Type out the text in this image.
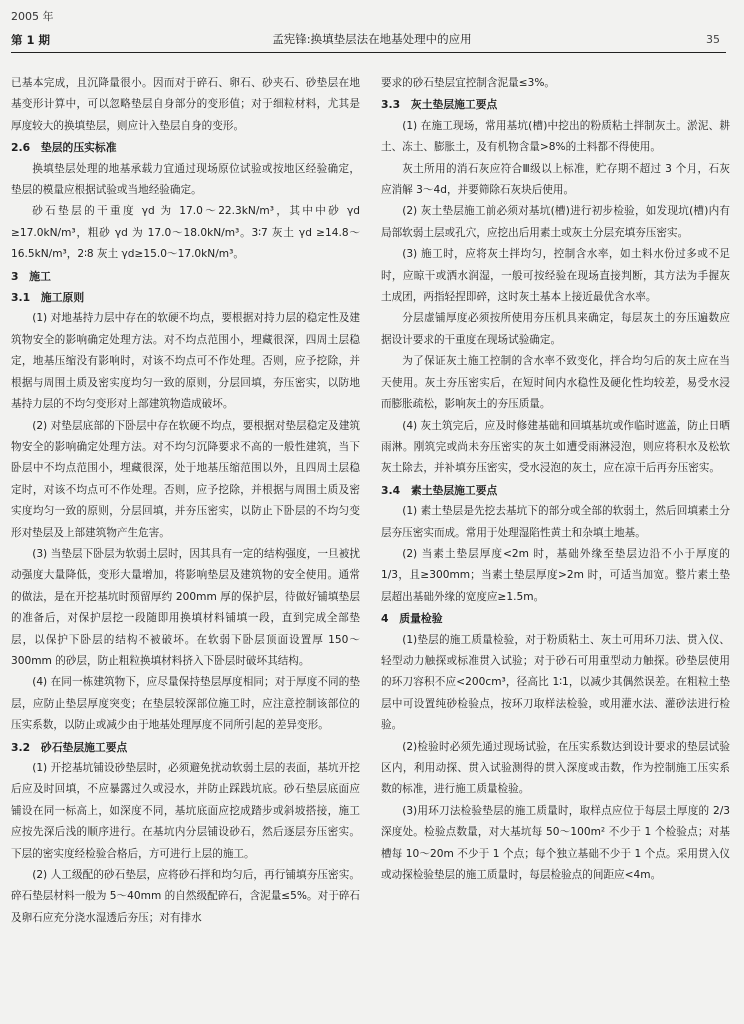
2005 年
第 1 期	孟宪锋:换填垫层法在地基处理中的应用	35

已基本完成，且沉降量很小。因而对于碎石、卵石、砂夹石、砂垫层在地基变形计算中，可以忽略垫层自身部分的变形值；对于细粒材料，尤其是厚度较大的换填垫层，则应计入垫层自身的变形。

2.6　垫层的压实标准

换填垫层处理的地基承载力宜通过现场原位试验或按地区经验确定，垫层的模量应根据试验或当地经验确定。

砂石垫层的干重度 γd 为 17.0～22.3kN/m³，其中中砂 γd ≥17.0kN/m³，粗砂 γd 为 17.0～18.0kN/m³。3∶7 灰土 γd ≥14.8～16.5kN/m³，2∶8 灰土 γd≥15.0～17.0kN/m³。

3　施工
3.1　施工原则

(1) 对地基持力层中存在的软硬不均点，要根据对持力层的稳定性及建筑物安全的影响确定处理方法。对不均点范围小，埋藏很深，四周土层稳定，地基压缩没有影响时，对该不均点可不作处理。否则，应予挖除，并根据与周围土质及密实度均匀一致的原则，分层回填，夯压密实，以防地基持力层的不均匀变形对上部建筑物造成破坏。

(2) 对垫层底部的下卧层中存在软硬不均点，要根据对垫层稳定及建筑物安全的影响确定处理方法。对不均匀沉降要求不高的一般性建筑，当下卧层中不均点范围小，埋藏很深，处于地基压缩范围以外，且四周土层稳定时，对该不均点可不作处理。否则，应予挖除，并根据与周围土质及密实度均匀一致的原则，分层回填，并夯压密实，以防止下卧层的不均匀变形对垫层及上部建筑物产生危害。

(3) 当垫层下卧层为软弱土层时，因其具有一定的结构强度，一旦被扰动强度大量降低，变形大量增加，将影响垫层及建筑物的安全使用。通常的做法，是在开挖基坑时预留厚约 200mm 厚的保护层，待做好铺填垫层的准备后，对保护层挖一段随即用换填材料铺填一段，直到完成全部垫层，以保护下卧层的结构不被破坏。在软弱下卧层顶面设置厚 150～300mm 的砂层，防止粗粒换填材料挤入下卧层时破坏其结构。

(4) 在同一栋建筑物下，应尽量保持垫层厚度相同；对于厚度不同的垫层，应防止垫层厚度突变；在垫层较深部位施工时，应注意控制该部位的压实系数，以防止或减少由于地基处理厚度不同所引起的差异变形。

3.2　砂石垫层施工要点

(1) 开挖基坑铺设砂垫层时，必须避免扰动软弱土层的表面，基坑开挖后应及时回填，不应暴露过久或浸水，并防止踩践坑底。砂石垫层底面应铺设在同一标高上，如深度不同，基坑底面应挖成踏步或斜坡搭接，施工应按先深后浅的顺序进行。在基坑内分层铺设砂石，然后逐层夯压密实。下层的密实度经检验合格后，方可进行上层的施工。

(2) 人工级配的砂石垫层，应将砂石拌和均匀后，再行铺填夯压密实。碎石垫层材料一般为 5～40mm 的自然级配碎石，含泥量≤5%。对于碎石及卵石应充分浇水湿透后夯压；对有排水

要求的砂石垫层宜控制含泥量≤3%。

3.3　灰土垫层施工要点

(1) 在施工现场，常用基坑(槽)中挖出的粉质粘土拌制灰土。淤泥、耕土、冻土、膨胀土，及有机物含量>8%的土料都不得使用。

灰土所用的消石灰应符合Ⅲ级以上标准，贮存期不超过 3 个月，石灰应消解 3～4d，并要筛除石灰块后使用。

(2) 灰土垫层施工前必须对基坑(槽)进行初步检验，如发现坑(槽)内有局部软弱土层或孔穴，应挖出后用素土或灰土分层充填夯压密实。

(3) 施工时，应将灰土拌均匀，控制含水率，如土料水份过多或不足时，应晾干或洒水润湿，一般可按经验在现场直接判断，其方法为手握灰土成团，两指轻捏即碎，这时灰土基本上接近最优含水率。

分层虚铺厚度必须按所使用夯压机具来确定，每层灰土的夯压遍数应据设计要求的干重度在现场试验确定。

为了保证灰土施工控制的含水率不致变化，拌合均匀后的灰土应在当天使用。灰土夯压密实后，在短时间内水稳性及硬化性均较差，易受水浸而膨胀疏松，影响灰土的夯压质量。

(4) 灰土筑完后，应及时修建基础和回填基坑或作临时遮盖，防止日晒雨淋。刚筑完或尚未夯压密实的灰土如遭受雨淋浸泡，则应将积水及松软灰土除去，并补填夯压密实，受水浸泡的灰土，应在凉干后再夯压密实。

3.4　素土垫层施工要点

(1) 素土垫层是先挖去基坑下的部分或全部的软弱土，然后回填素土分层夯压密实而成。常用于处理湿陷性黄土和杂填土地基。

(2) 当素土垫层厚度<2m 时，基础外缘至垫层边沿不小于厚度的 1/3，且≥300mm；当素土垫层厚度>2m 时，可适当加宽。整片素土垫层超出基础外缘的宽度应≥1.5m。

4　质量检验

(1)垫层的施工质量检验，对于粉质粘土、灰土可用环刀法、贯入仪、轻型动力触探或标准贯入试验；对于砂石可用重型动力触探。砂垫层使用的环刀容积不应<200cm³，径高比 1∶1，以减少其偶然误差。在粗粒土垫层中可设置纯砂检验点，按环刀取样法检验，或用灌水法、灌砂法进行检验。

(2)检验时必须先通过现场试验，在压实系数达到设计要求的垫层试验区内，利用动探、贯入试验测得的贯入深度或击数，作为控制施工压实系数的标准，进行施工质量检验。

(3)用环刀法检验垫层的施工质量时，取样点应位于每层土厚度的 2/3 深度处。检验点数量，对大基坑每 50～100m² 不少于 1 个检验点；对基槽每 10～20m 不少于 1 个点；每个独立基础不少于 1 个点。采用贯入仪或动探检验垫层的施工质量时，每层检验点的间距应<4m。
